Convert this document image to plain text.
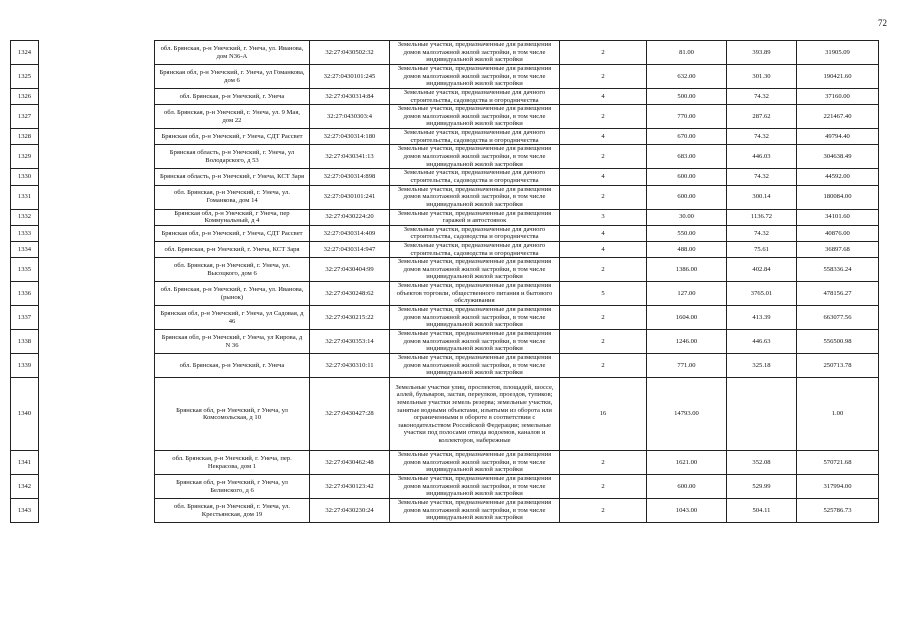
72
1324		обл. Брянская, р-н Унечский, г. Унеча, ул. Иванова, дом N36-А	32:27:0430502:32	Земельные участки, предназначенные для размещения домов малоэтажной жилой застройки, в том числе индивидуальной жилой застройки	2	81.00	393.89	31905.09
1325		Брянская обл, р-н Унечский, г. Унеча, ул Гоманкова, дом 6	32:27:0430101:245	Земельные участки, предназначенные для размещения домов малоэтажной жилой застройки, в том числе индивидуальной жилой застройки	2	632.00	301.30	190421.60
1326		обл. Брянская, р-н Унечский, г. Унеча	32:27:0430314:84	Земельные участки, предназначенные для дачного строительства, садоводства и огородничества	4	500.00	74.32	37160.00
1327		обл. Брянская, р-н Унечский, г. Унеча, ул. 9 Мая, дом 22	32:27:0430303:4	Земельные участки, предназначенные для размещения домов малоэтажной жилой застройки, в том числе индивидуальной жилой застройки	2	770.00	287.62	221467.40
1328		Брянская обл, р-н Унечский, г Унеча, СДТ Рассвет	32:27:0430314:180	Земельные участки, предназначенные для дачного строительства, садоводства и огородничества	4	670.00	74.32	49794.40
1329		Брянская область, р-н Унечский, г. Унеча, ул Володарского, д 53	32:27:0430341:13	Земельные участки, предназначенные для размещения домов малоэтажной жилой застройки, в том числе индивидуальной жилой застройки	2	683.00	446.03	304638.49
1330		Брянская область, р-н Унечский, г Унеча, КСТ Заря	32:27:0430314:898	Земельные участки, предназначенные для дачного строительства, садоводства и огородничества	4	600.00	74.32	44592.00
1331		обл. Брянская, р-н Унечский, г. Унеча, ул. Гоманкова, дом 14	32:27:0430101:241	Земельные участки, предназначенные для размещения домов малоэтажной жилой застройки, в том числе индивидуальной жилой застройки	2	600.00	300.14	180084.00
1332		Брянская обл, р-н Унечский, г Унеча, пер Коммунальный, д 4	32:27:0430224:20	Земельные участки, предназначенные для размещения гаражей и автостоянок	3	30.00	1136.72	34101.60
1333		Брянская обл, р-н Унечский, г Унеча, СДТ Рассвет	32:27:0430314:409	Земельные участки, предназначенные для дачного строительства, садоводства и огородничества	4	550.00	74.32	40876.00
1334		обл. Брянская, р-н Унечский, г. Унеча, КСТ Заря	32:27:0430314:947	Земельные участки, предназначенные для дачного строительства, садоводства и огородничества	4	488.00	75.61	36897.68
1335		обл. Брянская, р-н Унечский, г. Унеча, ул. Высоцкого, дом 6	32:27:0430404:99	Земельные участки, предназначенные для размещения домов малоэтажной жилой застройки, в том числе индивидуальной жилой застройки	2	1386.00	402.84	558336.24
1336		обл. Брянская, р-н Унечский, г. Унеча, ул. Иванова, (рынок)	32:27:0430248:62	Земельные участки, предназначенные для размещения объектов торговли, общественного питания и бытового обслуживания	5	127.00	3765.01	478156.27
1337		Брянская обл, р-н Унечский, г Унеча, ул Садовая, д 46	32:27:0430215:22	Земельные участки, предназначенные для размещения домов малоэтажной жилой застройки, в том числе индивидуальной жилой застройки	2	1604.00	413.39	663077.56
1338		Брянская обл, р-н Унечский, г Унеча, ул Кирова, д N 36	32:27:0430353:14	Земельные участки, предназначенные для размещения домов малоэтажной жилой застройки, в том числе индивидуальной жилой застройки	2	1246.00	446.63	556500.98
1339		обл. Брянская, р-н Унечский, г. Унеча	32:27:0430310:11	Земельные участки, предназначенные для размещения домов малоэтажной жилой застройки, в том числе индивидуальной жилой застройки	2	771.00	325.18	250713.78
1340		Брянская обл, р-н Унечский, г Унеча, ул Комсомольская, д 10	32:27:0430427:28	Земельные участки улиц, проспектов, площадей, шоссе, аллей, бульваров, застав, переулков, проездов, тупиков; земельные участки земель резерва; земельные участки, занятые водными объектами, изъятыми из оборота или ограниченными в обороте в соответствии с законодательством Российской Федерации; земельные участки под полосами отвода водоемов, каналов и коллекторов, набережные	16	14793.00		1.00
1341		обл. Брянская, р-н Унечский, г. Унеча, пер. Некрасова, дом 1	32:27:0430462:48	Земельные участки, предназначенные для размещения домов малоэтажной жилой застройки, в том числе индивидуальной жилой застройки	2	1621.00	352.08	570721.68
1342		Брянская обл, р-н Унечский, г Унеча, ул Белинского, д 6	32:27:0430123:42	Земельные участки, предназначенные для размещения домов малоэтажной жилой застройки, в том числе индивидуальной жилой застройки	2	600.00	529.99	317994.00
1343		обл. Брянская, р-н Унечский, г. Унеча, ул. Крестьянская, дом 19	32:27:0430230:24	Земельные участки, предназначенные для размещения домов малоэтажной жилой застройки, в том числе индивидуальной жилой застройки	2	1043.00	504.11	525786.73
